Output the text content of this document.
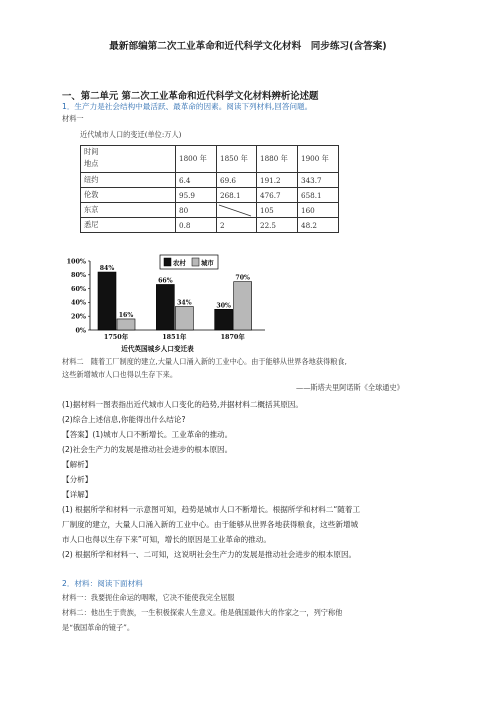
最新部编第二次工业革命和近代科学文化材料　同步练习(含答案)
一、第二单元 第二次工业革命和近代科学文化材料辨析论述题
1．生产力是社会结构中最活跃、最革命的因素。阅读下列材料,回答问题。
材料一
近代城市人口的变迁(单位:万人)
时间
地点	1800 年	1850 年	1880 年	1900 年
纽约	6.4	69.6	191.2	343.7
伦敦	95.9	268.1	476.7	658.1
东京	80		105	160
悉尼	0.8	2	22.5	48.2
0%
20%
40%
60%
80%
100%
84%
16%
1750年
66%
34%
1851年
30%
70%
1870年
农村 城市
近代英国城乡人口变迁表
材料二　随着工厂制度的建立,大量人口涌入新的工业中心。由于能够从世界各地获得粮食,
这些新增城市人口也得以生存下来。
——斯塔夫里阿诺斯《全球通史》
(1)据材料一图表指出近代城市人口变化的趋势,并据材料二概括其原因。
(2)综合上述信息,你能得出什么结论?
【答案】(1)城市人口不断增长。工业革命的推动。
(2)社会生产力的发展是推动社会进步的根本原因。
【解析】
【分析】
【详解】
(1) 根据所学和材料一示意图可知，趋势是城市人口不断增长。根据所学和材料二“随着工
厂制度的建立，大量人口涌入新的工业中心。由于能够从世界各地获得粮食，这些新增城
市人口也得以生存下来”可知，增长的原因是工业革命的推动。
(2) 根据所学和材料一、二可知，这说明社会生产力的发展是推动社会进步的根本原因。
2．材料：阅读下面材料
材料一：我要扼住命运的咽喉，它决不能使我完全屈服
材料二：他出生于贵族，一生积极探索人生意义。他是俄国最伟大的作家之一，列宁称他
是“俄国革命的镜子”。
